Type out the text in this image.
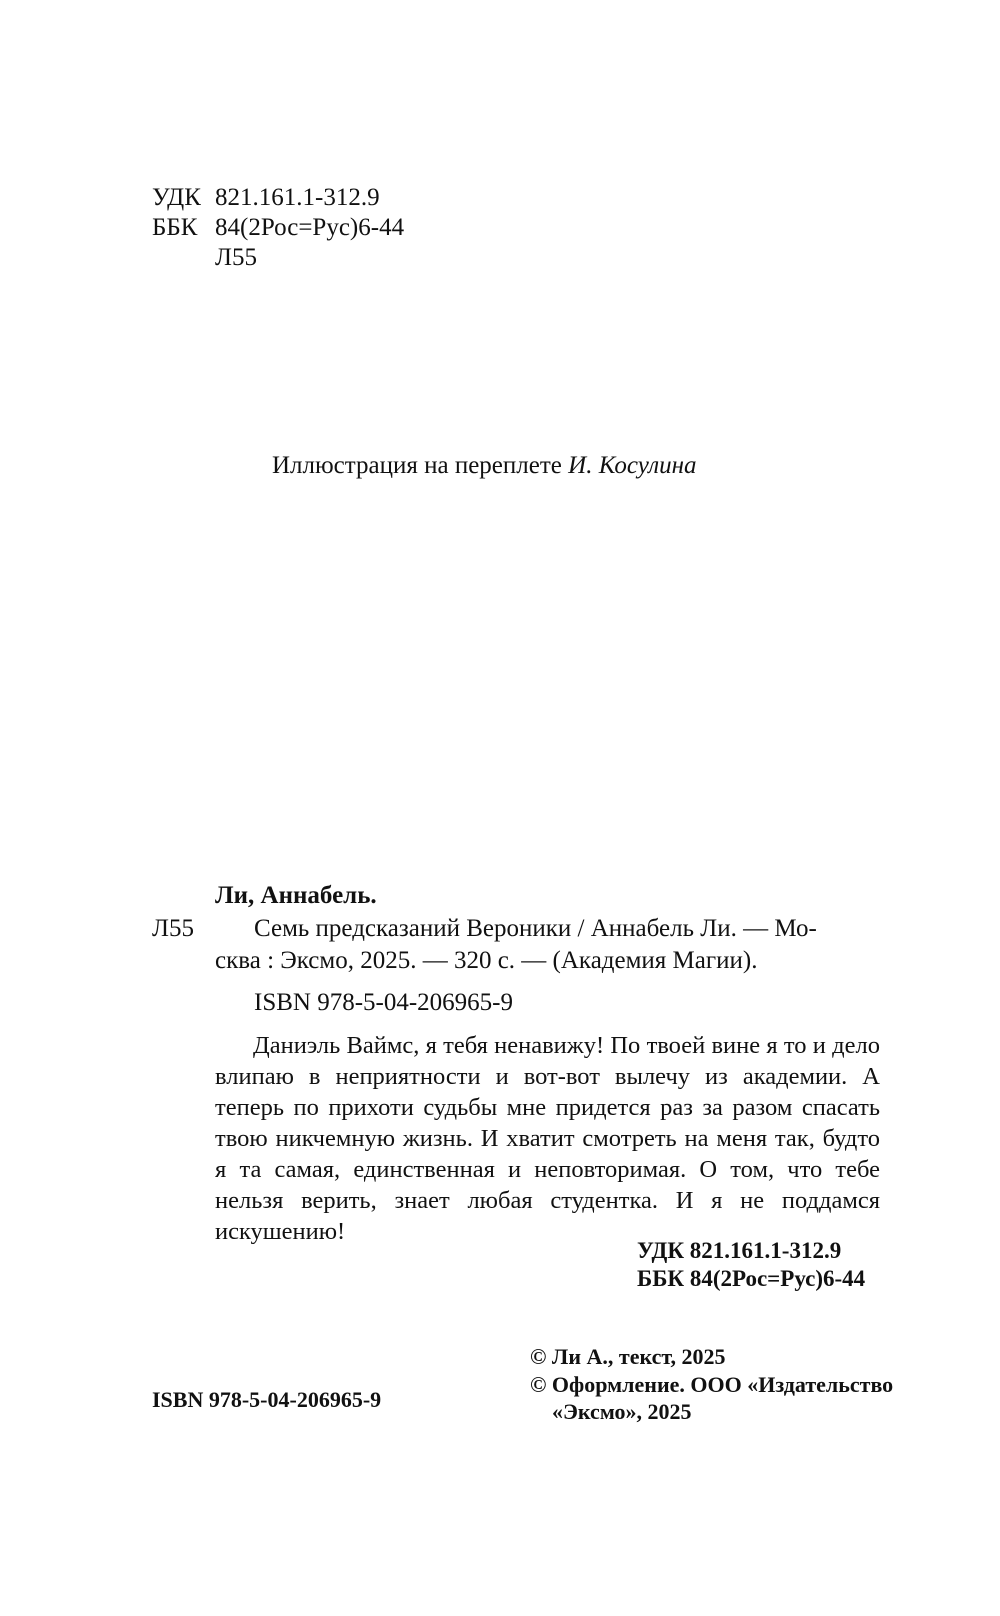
УДК 821.161.1-312.9
ББК 84(2Рос=Рус)6-44
Л55
Иллюстрация на переплете И. Косулина
Ли, Аннабель.
Л55 Семь предсказаний Вероники / Аннабель Ли. — Мо-
сква : Эксмо, 2025. — 320 с. — (Академия Магии).
ISBN 978-5-04-206965-9
Даниэль Ваймс, я тебя ненавижу! По твоей вине я то и дело влипаю в неприятности и вот-вот вылечу из академии. А теперь по прихоти судьбы мне придется раз за разом спасать твою никчемную жизнь. И хватит смотреть на меня так, будто я та самая, единственная и неповторимая. О том, что тебе нельзя верить, знает любая студентка. И я не поддамся искушению!
УДК 821.161.1-312.9
ББК 84(2Рос=Рус)6-44
ISBN 978-5-04-206965-9
© Ли А., текст, 2025
© Оформление. ООО «Издательство
«Эксмо», 2025
